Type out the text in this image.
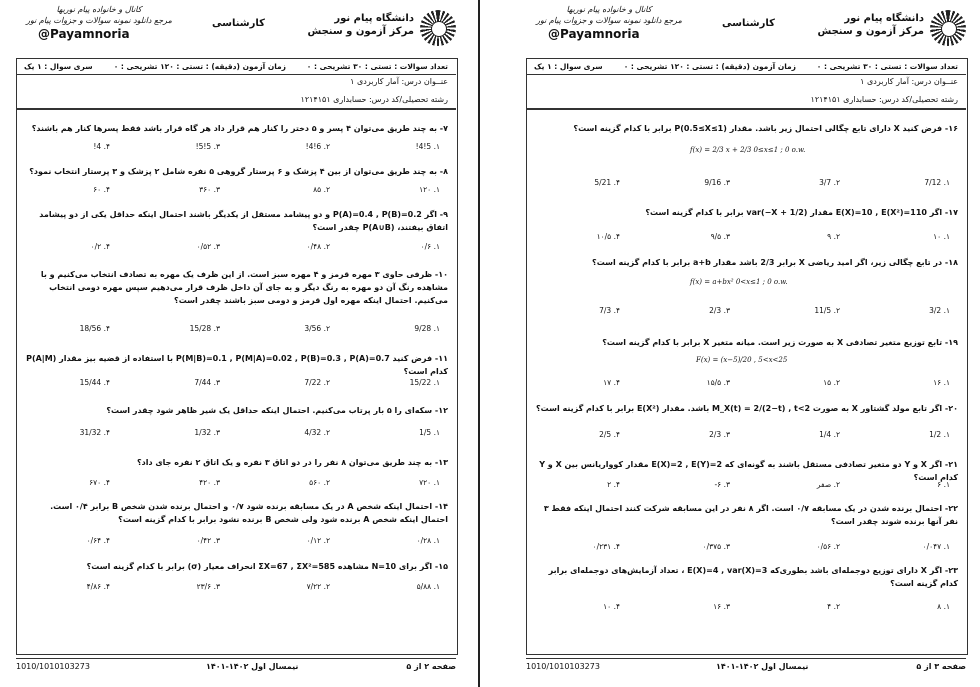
دانشگاه پیام نور
مرکز آزمون و سنجش
کارشناسی
کانال و خانواده پیام نوریها
مرجع دانلود نمونه سوالات و جزوات پیام نور
@Payamnoria
تعداد سوالات : تستی : ۳۰ تشریحی : ۰
زمان آزمون (دقیقه) : تستی : ۱۲۰ تشریحی : ۰
سری سوال : ۱ یک
عنــوان درس: آمار کاربردی ۱
رشته تحصیلی/کد درس: حسابداری ۱۲۱۴۱۵۱
۷- به چند طریق می‌توان ۴ پسر و ۵ دختر را کنار هم قرار داد هر گاه قرار باشد فقط پسرها کنار هم باشند؟
۱. 5!4!
۲. 6!4!
۳. 5!5!
۴. 4!
۸- به چند طریق می‌توان از بین ۴ پزشک و ۶ پرستار گروهی ۵ نفره شامل ۲ پزشک و ۳ پرستار انتخاب نمود؟
۱. ۱۲۰
۲. ۸۵
۳. ۳۶۰
۴. ۶۰
۹- اگر P(A)=0.4 , P(B)=0.2 و دو پیشامد مستقل از یکدیگر باشند احتمال اینکه حداقل یکی از دو پیشامد اتفاق بیفتند، P(A∪B) چقدر است؟
۱. ۰/۶
۲. ۰/۴۸
۳. ۰/۵۲
۴. ۰/۲
۱۰- ظرفی حاوی ۳ مهره قرمز و ۴ مهره سبز است. از این ظرف یک مهره به تصادف انتخاب می‌کنیم و با مشاهده رنگ آن دو مهره به رنگ دیگر و به جای آن داخل ظرف قرار می‌دهیم سپس مهره دومی انتخاب می‌کنیم. احتمال اینکه مهره اول قرمز و دومی سبز باشند چقدر است؟
۱. 9/28
۲. 3/56
۳. 15/28
۴. 18/56
۱۱- فرض کنید P(M|B)=0.1 , P(M|A)=0.02 , P(B)=0.3 , P(A)=0.7 با استفاده از قضیه بیز مقدار P(A|M) کدام است؟
۱. 15/22
۲. 7/22
۳. 7/44
۴. 15/44
۱۲- سکه‌ای را ۵ بار پرتاب می‌کنیم. احتمال اینکه حداقل یک شیر ظاهر شود چقدر است؟
۱. 1/5
۲. 4/32
۳. 1/32
۴. 31/32
۱۳- به چند طریق می‌توان ۸ نفر را در دو اتاق ۳ نفره و یک اتاق ۲ نفره جای داد؟
۱. ۷۲۰
۲. ۵۶۰
۳. ۴۲۰
۴. ۶۷۰
۱۴- احتمال اینکه شخص A در یک مسابقه برنده شود ۰/۷ و احتمال برنده شدن شخص B برابر ۰/۴ است. احتمال اینکه شخص A برنده شود ولی شخص B برنده نشود برابر با کدام گزینه است؟
۱. ۰/۲۸
۲. ۰/۱۲
۳. ۰/۴۲
۴. ۰/۶۴
۱۵- اگر برای N=10 مشاهده ΣX=67 , ΣX²=585 انحراف معیار (σ) برابر با کدام گزینه است؟
۱. ۵/۸۸
۲. ۷/۲۲
۳. ۲۳/۶
۴. ۴/۸۶
1010/1010103273	نیمسال اول ۱۴۰۲-۱۴۰۱	صفحه ۲ از ۵
دانشگاه پیام نور
مرکز آزمون و سنجش
کارشناسی
کانال و خانواده پیام نوریها
مرجع دانلود نمونه سوالات و جزوات پیام نور
@Payamnoria
تعداد سوالات : تستی : ۳۰ تشریحی : ۰
زمان آزمون (دقیقه) : تستی : ۱۲۰ تشریحی : ۰
سری سوال : ۱ یک
عنــوان درس: آمار کاربردی ۱
رشته تحصیلی/کد درس: حسابداری ۱۲۱۴۱۵۱
۱۶- فرض کنید X دارای تابع چگالی احتمال زیر باشد. مقدار P(0.5≤X≤1) برابر با کدام گزینه است؟
f(x) = 2/3 x + 2/3 0≤x≤1 ; 0 o.w.
۱. 7/12
۲. 3/7
۳. 9/16
۴. 5/21
۱۷- اگر E(X)=10 , E(X²)=110 مقدار var(−X + 1/2) برابر با کدام گزینه است؟
۱. ۱۰
۲. ۹
۳. ۹/۵
۴. ۱۰/۵
۱۸- در تابع چگالی زیر، اگر امید ریاضی X برابر 2/3 باشد مقدار a+b برابر با کدام گزینه است؟
f(x) = a+bx² 0<x≤1 ; 0 o.w.
۱. 3/2
۲. 11/5
۳. 2/3
۴. 7/3
۱۹- تابع توزیع متغیر تصادفی X به صورت زیر است. میانه متغیر X برابر با کدام گزینه است؟
F(x) = (x−5)/20 , 5<x<25
۱. ۱۶
۲. ۱۵
۳. ۱۵/۵
۴. ۱۷
۲۰- اگر تابع مولد گشتاور X به صورت M_X(t) = 2/(2−t) , t<2 باشد. مقدار E(X²) برابر با کدام گزینه است؟
۱. 1/2
۲. 1/4
۳. 2/3
۴. 2/5
۲۱- اگر X و Y دو متغیر تصادفی مستقل باشند به گونه‌ای که E(X)=2 , E(Y)=2 مقدار کوواریانس بین X و Y کدام است؟
۱. ۶
۲. صفر
۳. ۶-
۴. ۲
۲۲- احتمال برنده شدن در یک مسابقه ۰/۷ است. اگر ۸ نفر در این مسابقه شرکت کنند احتمال اینکه فقط ۳ نفر آنها برنده شوند چقدر است؟
۱. ۰/۰۴۷
۲. ۰/۵۶
۳. ۰/۳۷۵
۴. ۰/۲۳۱
۲۳- اگر X دارای توزیع دوجمله‌ای باشد بطوری‌که E(X)=4 , var(X)=3 ، تعداد آزمایش‌های دوجمله‌ای برابر کدام گزینه است؟
۱. ۸
۲. ۴
۳. ۱۶
۴. ۱۰
1010/1010103273	نیمسال اول ۱۴۰۲-۱۴۰۱	صفحه ۳ از ۵
